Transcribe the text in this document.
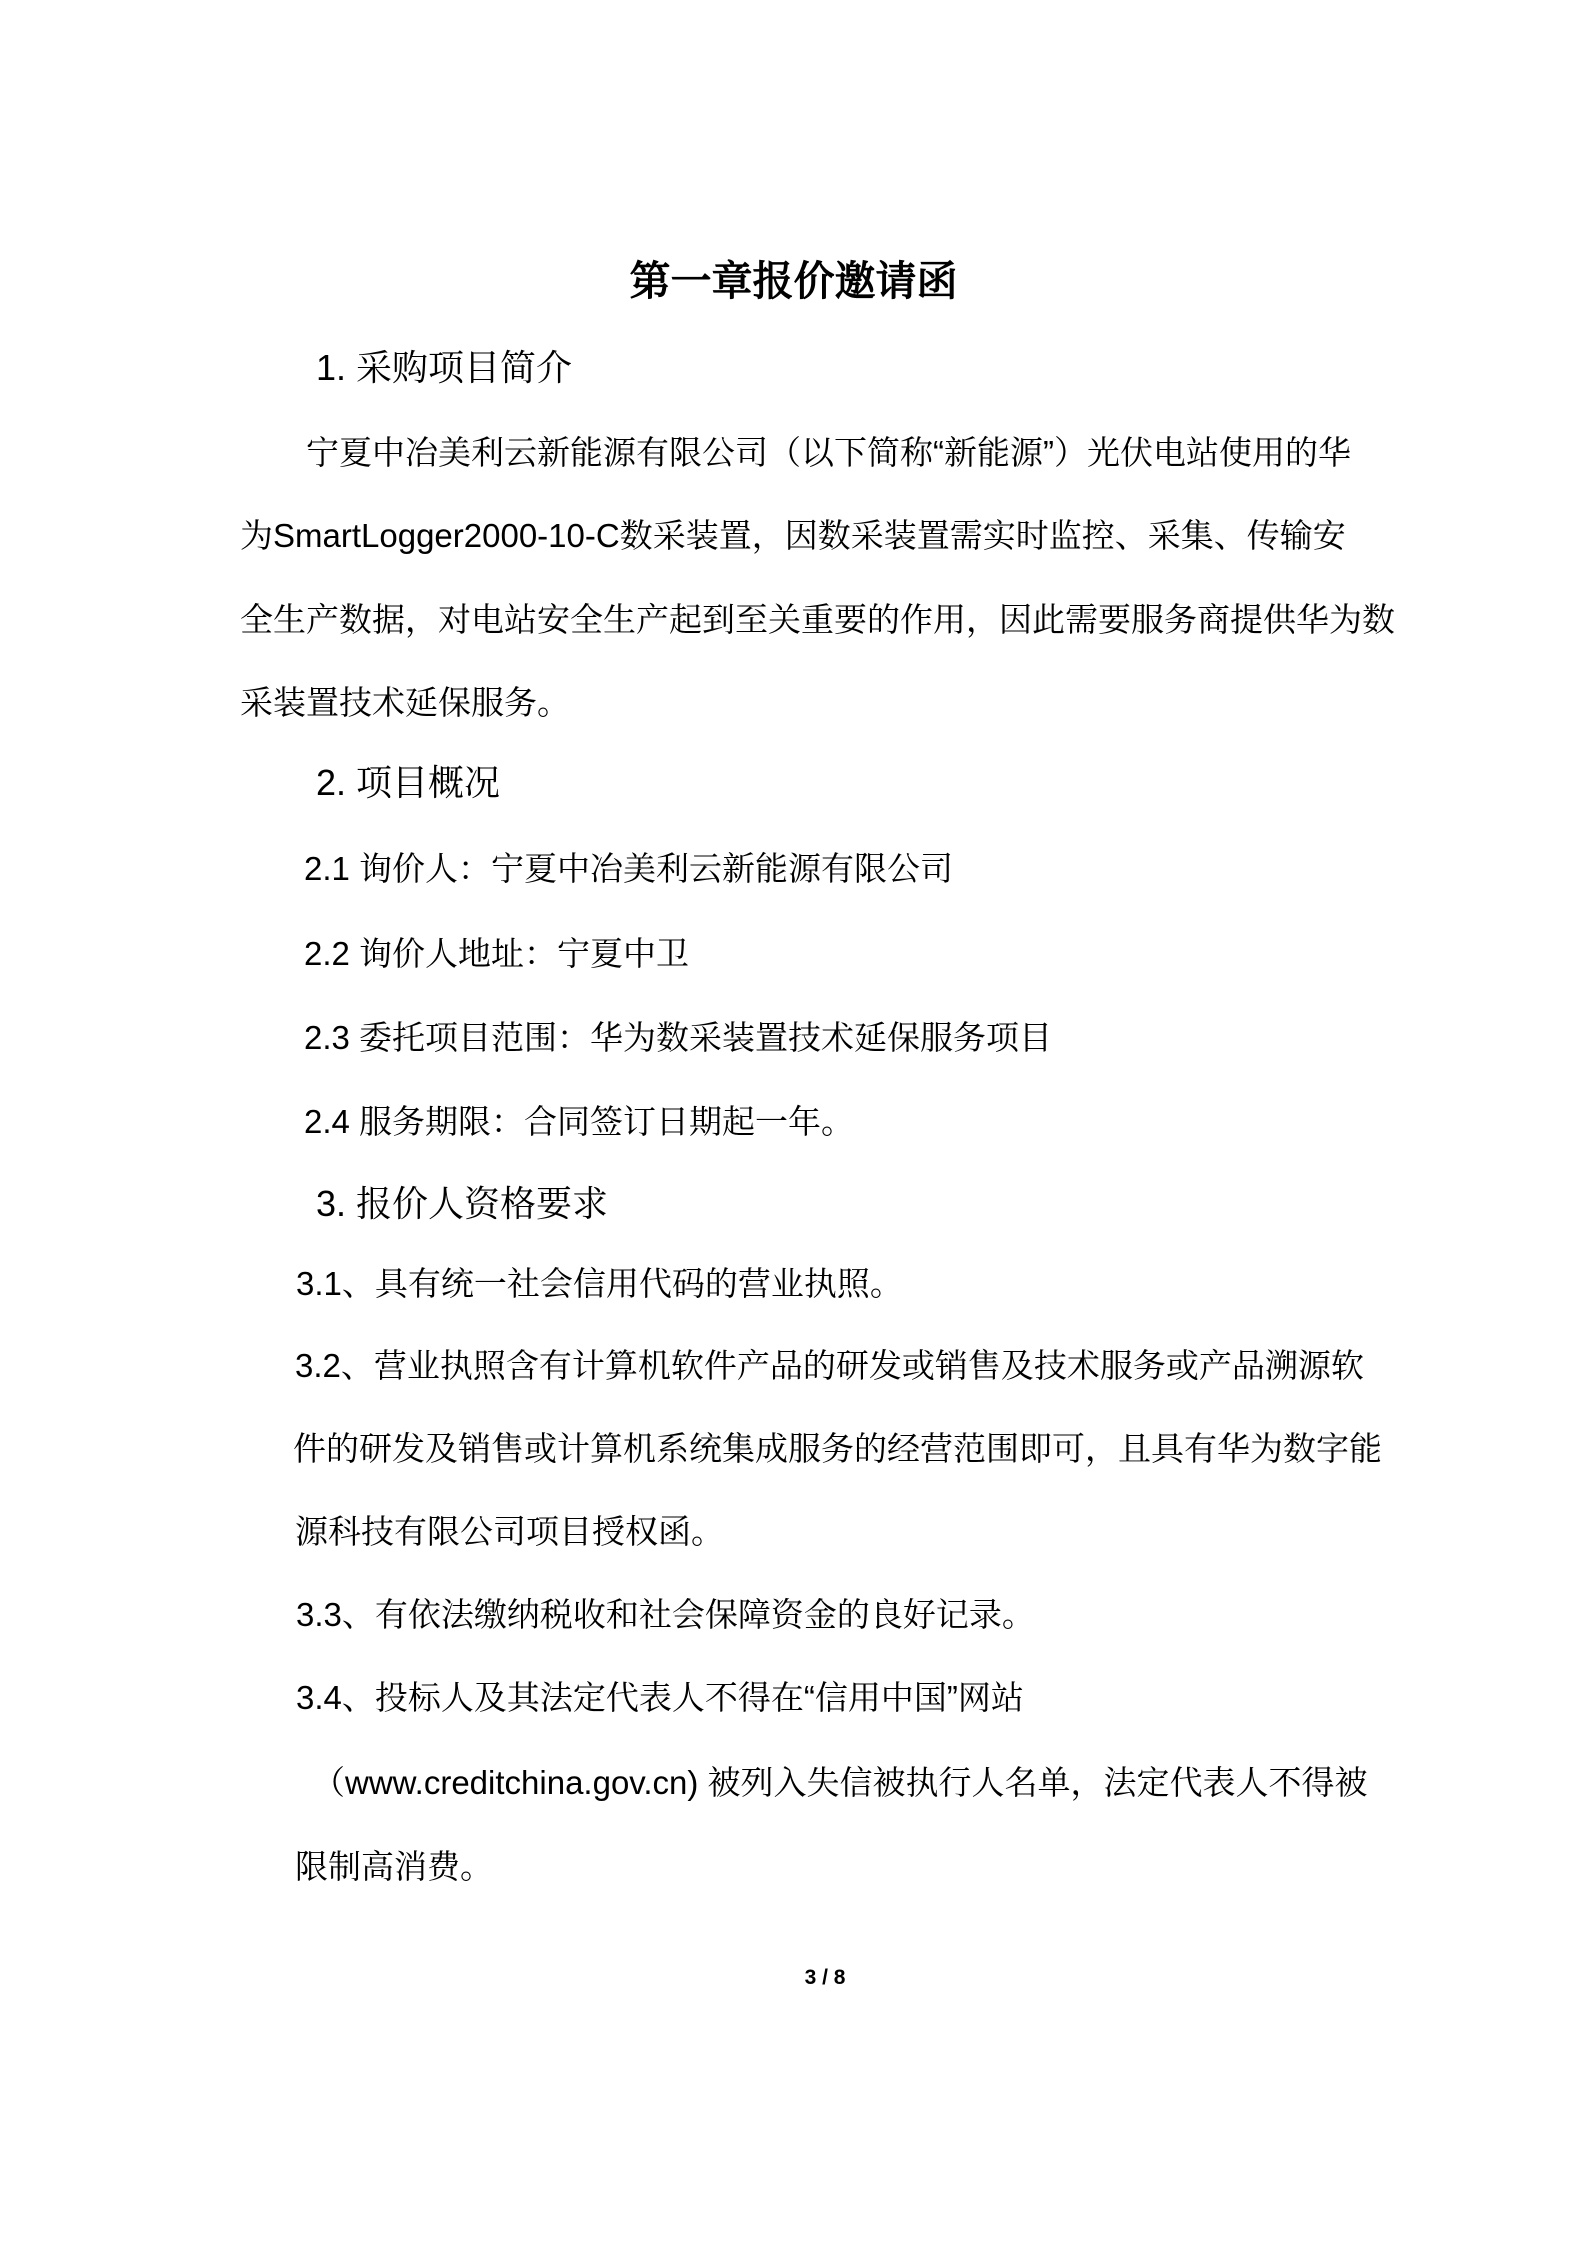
第一章报价邀请函
1. 采购项目简介
宁夏中冶美利云新能源有限公司（以下简称“新能源”）光伏电站使用的华
为SmartLogger2000-10-C数采装置，因数采装置需实时监控、采集、传输安
全生产数据，对电站安全生产起到至关重要的作用，因此需要服务商提供华为数
采装置技术延保服务。
2. 项目概况
2.1 询价人：宁夏中冶美利云新能源有限公司
2.2 询价人地址：宁夏中卫
2.3 委托项目范围：华为数采装置技术延保服务项目
2.4 服务期限：合同签订日期起一年。
3. 报价人资格要求
3.1、具有统一社会信用代码的营业执照。
3.2、营业执照含有计算机软件产品的研发或销售及技术服务或产品溯源软
件的研发及销售或计算机系统集成服务的经营范围即可，且具有华为数字能
源科技有限公司项目授权函。
3.3、有依法缴纳税收和社会保障资金的良好记录。
3.4、投标人及其法定代表人不得在“信用中国”网站
（www.creditchina.gov.cn) 被列入失信被执行人名单，法定代表人不得被
限制高消费。
3 / 8
